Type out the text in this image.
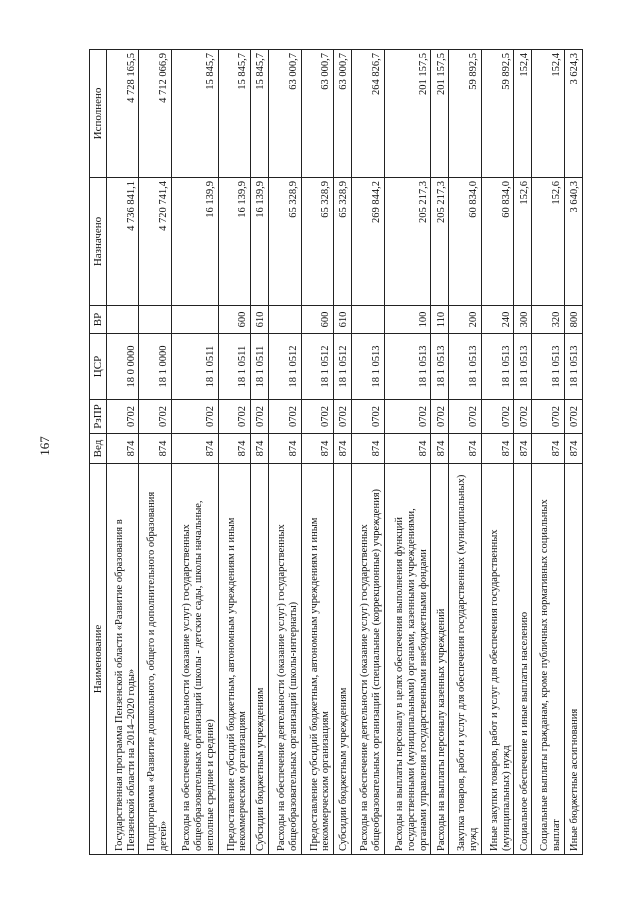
167
Наименование	Вед	РзПР	ЦСР	ВР	Назначено	Исполнено
Государственная программа Пензенской области «Развитие образования в Пензенской области на 2014–2020 годы»	874	0702	18 0 0000		4 736 841,1	4 728 165,5
Подпрограмма «Развитие дошкольного, общего и дополнительного образования детей»	874	0702	18 1 0000		4 720 741,4	4 712 066,9
Расходы на обеспечение деятельности (оказание услуг) государственных общеобразовательных организаций (школы - детские сады, школы начальные, неполные средние и средние)	874	0702	18 1 0511		16 139,9	15 845,7
Предоставление субсидий бюджетным, автономным учреждениям и иным некоммерческим организациям	874	0702	18 1 0511	600	16 139,9	15 845,7
Субсидии бюджетным учреждениям	874	0702	18 1 0511	610	16 139,9	15 845,7
Расходы на обеспечение деятельности (оказание услуг) государственных общеобразовательных организаций (школы-интернаты)	874	0702	18 1 0512		65 328,9	63 000,7
Предоставление субсидий бюджетным, автономным учреждениям и иным некоммерческим организациям	874	0702	18 1 0512	600	65 328,9	63 000,7
Субсидии бюджетным учреждениям	874	0702	18 1 0512	610	65 328,9	63 000,7
Расходы на обеспечение деятельности (оказание услуг) государственных общеобразовательных организаций (специальные (коррекционные) учреждения)	874	0702	18 1 0513		269 844,2	264 826,7
Расходы на выплаты персоналу в целях обеспечения выполнения функций государственными (муниципальными) органами, казенными учреждениями, органами управления государственными внебюджетными фондами	874	0702	18 1 0513	100	205 217,3	201 157,5
Расходы на выплаты персоналу казенных учреждений	874	0702	18 1 0513	110	205 217,3	201 157,5
Закупка товаров, работ и услуг для обеспечения государственных (муниципальных) нужд	874	0702	18 1 0513	200	60 834,0	59 892,5
Иные закупки товаров, работ и услуг для обеспечения государственных (муниципальных) нужд	874	0702	18 1 0513	240	60 834,0	59 892,5
Социальное обеспечение и иные выплаты населению	874	0702	18 1 0513	300	152,6	152,4
Социальные выплаты гражданам, кроме публичных нормативных социальных выплат	874	0702	18 1 0513	320	152,6	152,4
Иные бюджетные ассигнования	874	0702	18 1 0513	800	3 640,3	3 624,3
